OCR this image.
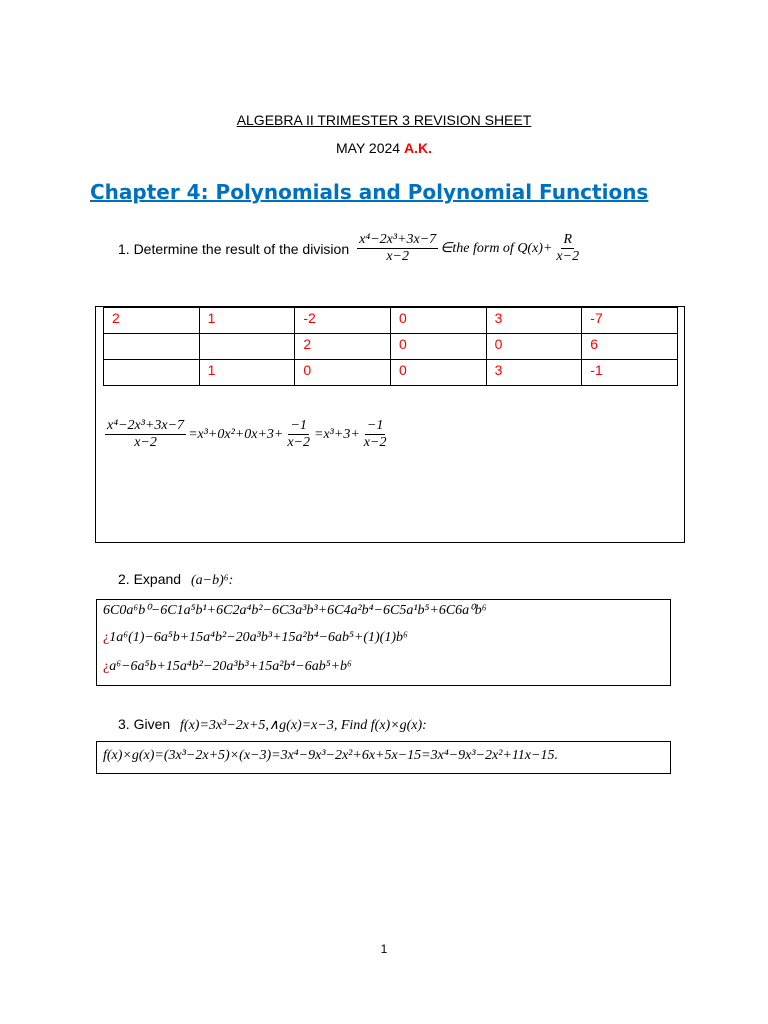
ALGEBRA II TRIMESTER 3 REVISION SHEET
MAY 2024 A.K.
Chapter 4: Polynomials and Polynomial Functions
1. Determine the result of the division $\frac{\text{x⁴−2x³+3x−7}}{x-2}$ ∈the form of $Q(x)+ \frac{R}{x-2}$
2	1	-2	0	3	-7
		2	0	0	6
	1	0	0	3	-1
$\frac{\text{x⁴−2x³+3x−7}}{x-2} =x^3+0x^2+0x+3+ \frac{-1}{x-2} =x^3+3+ \frac{-1}{x-2}$
2. Expand (a−b)⁶:
6C0a⁶b⁰−6C1a⁵b¹+6C2a⁴b²−6C3a³b³+6C4a²b⁴−6C5a¹b⁵+6C6a⁰b⁶
¿1a⁶(1)−6a⁵b+15a⁴b²−20a³b³+15a²b⁴−6ab⁵+(1)(1)b⁶
¿a⁶−6a⁵b+15a⁴b²−20a³b³+15a²b⁴−6ab⁵+b⁶
3. Given f(x)=3x³−2x+5,∧g(x)=x−3, Find f(x)×g(x):
f(x)×g(x)=(3x³−2x+5)×(x−3)=3x⁴−9x³−2x²+6x+5x−15=3x⁴−9x³−2x²+11x−15.
1
